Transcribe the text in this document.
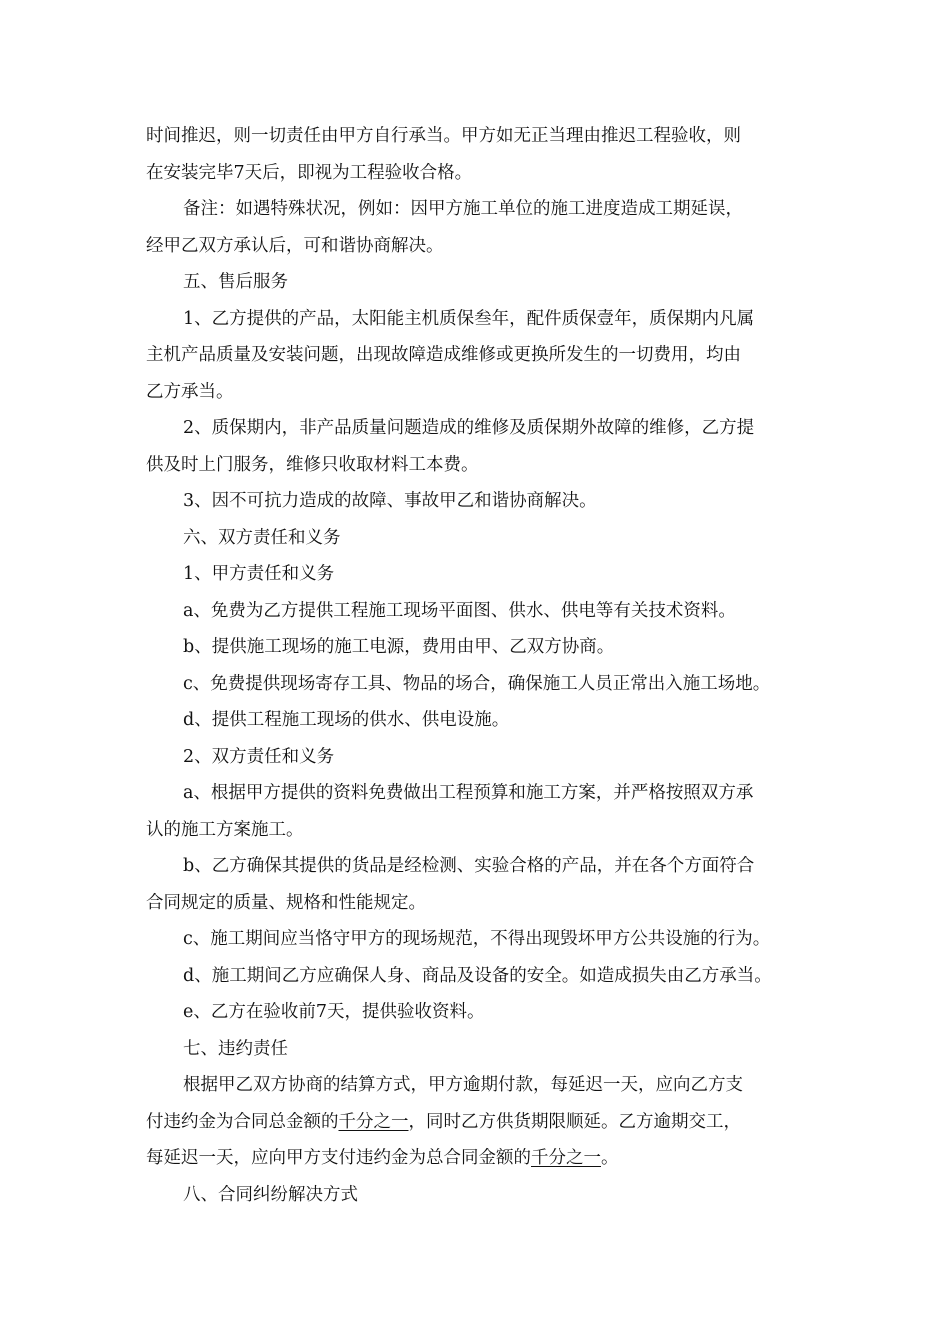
时间推迟，则一切责任由甲方自行承当。甲方如无正当理由推迟工程验收，则
在安装完毕7天后，即视为工程验收合格。
备注：如遇特殊状况，例如：因甲方施工单位的施工进度造成工期延误，
经甲乙双方承认后，可和谐协商解决。
五、售后服务
1、乙方提供的产品，太阳能主机质保叁年，配件质保壹年，质保期内凡属
主机产品质量及安装问题，出现故障造成维修或更换所发生的一切费用，均由
乙方承当。
2、质保期内，非产品质量问题造成的维修及质保期外故障的维修，乙方提
供及时上门服务，维修只收取材料工本费。
3、因不可抗力造成的故障、事故甲乙和谐协商解决。
六、双方责任和义务
1、甲方责任和义务
a、免费为乙方提供工程施工现场平面图、供水、供电等有关技术资料。
b、提供施工现场的施工电源，费用由甲、乙双方协商。
c、免费提供现场寄存工具、物品的场合，确保施工人员正常出入施工场地。
d、提供工程施工现场的供水、供电设施。
2、双方责任和义务
a、根据甲方提供的资料免费做出工程预算和施工方案，并严格按照双方承
认的施工方案施工。
b、乙方确保其提供的货品是经检测、实验合格的产品，并在各个方面符合
合同规定的质量、规格和性能规定。
c、施工期间应当恪守甲方的现场规范，不得出现毁坏甲方公共设施的行为。
d、施工期间乙方应确保人身、商品及设备的安全。如造成损失由乙方承当。
e、乙方在验收前7天，提供验收资料。
七、违约责任
根据甲乙双方协商的结算方式，甲方逾期付款，每延迟一天，应向乙方支
付违约金为合同总金额的千分之一，同时乙方供货期限顺延。乙方逾期交工，
每延迟一天，应向甲方支付违约金为总合同金额的千分之一。
八、合同纠纷解决方式
